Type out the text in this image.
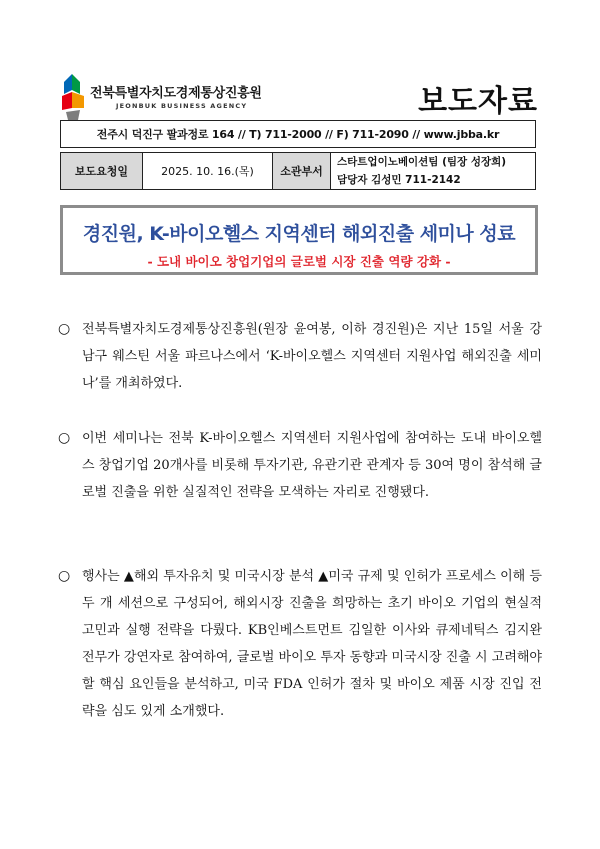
전북특별자치도경제통상진흥원
JEONBUK BUSINESS AGENCY	보도자료
전주시 덕진구 팔과정로 164 // T) 711-2000 // F) 711-2090 // www.jbba.kr
보도요청일	2025. 10. 16.(목)	소관부서	
스타트업이노베이션팀 (팀장 성장희)
담당자 김성민 711-2142
경진원, K-바이오헬스 지역센터 해외진출 세미나 성료
- 도내 바이오 창업기업의 글로벌 시장 진출 역량 강화 -
○ 전북특별자치도경제통상진흥원(원장 윤여봉, 이하 경진원)은 지난 15일 서울 강남구 웨스틴 서울 파르나스에서 ‘K-바이오헬스 지역센터 지원사업 해외진출 세미나’를 개최하였다.
○ 이번 세미나는 전북 K-바이오헬스 지역센터 지원사업에 참여하는 도내 바이오헬스 창업기업 20개사를 비롯해 투자기관, 유관기관 관계자 등 30여 명이 참석해 글로벌 진출을 위한 실질적인 전략을 모색하는 자리로 진행됐다.
○ 행사는 ▲해외 투자유치 및 미국시장 분석 ▲미국 규제 및 인허가 프로세스 이해 등 두 개 세션으로 구성되어, 해외시장 진출을 희망하는 초기 바이오 기업의 현실적 고민과 실행 전략을 다뤘다. KB인베스트먼트 김일한 이사와 큐제네틱스 김지완 전무가 강연자로 참여하여, 글로벌 바이오 투자 동향과 미국시장 진출 시 고려해야 할 핵심 요인들을 분석하고, 미국 FDA 인허가 절차 및 바이오 제품 시장 진입 전략을 심도 있게 소개했다.
